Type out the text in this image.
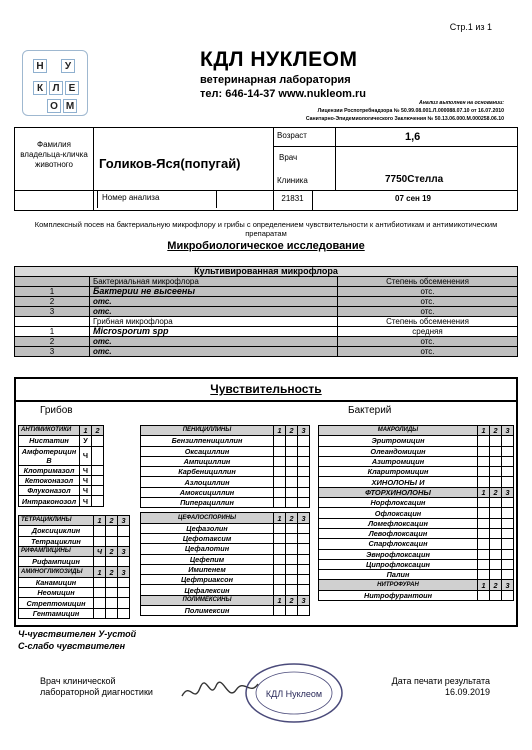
Стр.1 из 1
Н	У
К Л Е
О М
КДЛ НУКЛЕОМ
ветеринарная лаборатория
тел: 646-14-37 www.nukleom.ru
Анализ выполнен на основании:
Лицензии Роспотребнадзора № 50.99.08.001.Л.000088.07.10 от 16.07.2010
Санитарно-Эпидемиологического Заключения № 50.13.06.000.М.000258.06.10
Фамилия владельца-кличка животного	Голиков-Яся(попугай)
Возраст	1,6
Врач
Клиника	7750Стелла
Номер анализа	21831	07 сен 19
Комплексный посев на бактериальную микрофлору и грибы с определением чувствительности к антибиотикам и антимикотическим препаратам
Микробиологическое исследование
Культивированная микрофлора		
	Бактериальная микрофлора	Степень обсеменения
1	Бактерии не высеены	отс.
2	отс.	отс.
3	отс.	отс.
	Грибная микрофлора	Степень обсеменения
1	Microsporum spp	средняя
2	отс.	отс.
3	отс.	отс.
Чувствительность
Грибов	Бактерий
АНТИМИКОТИКИ	1	2
Нистатин	У	
Амфотерицин В	Ч	
Клотримазол	Ч	
Кетоконазол	Ч	
Флуконазол	Ч	
Интраконозол	Ч	
ТЕТРАЦИКЛИНЫ	1	2	3
Доксициклин			
Тетрациклин			
РИФАМПИЦИНЫ	Ч	2	3
Рифампицин			
АМИНОГЛИКОЗИДЫ	1	2	3
Канамицин			
Неомицин			
Стрептомицин			
Гентамицин			
ПЕНИЦИЛЛИНЫ	1	2	3
Бензилпенициллин			
Оксациллин			
Ампициллин			
Карбенициллин			
Азлоциллин			
Амоксициллин			
Пиперациллин			

ЦЕФАЛОСПОРИНЫ	1	2	3
Цефазолин			
Цефотаксим			
Цефалотин			
Цефепим			
Имипенем			
Цефтриаксон			
Цефалексин			
ПОЛИМЕКСИНЫ	1	2	3
Полимексин			
МАКРОЛИДЫ	1	2	3
Эритромицин			
Олеандомицин			
Азитромицин			
Кларитромицин			
ХИНОЛОНЫ И			
ФТОРХИНОЛОНЫ	1	2	3
Норфлоксацин			
Офлоксацин			
Ломефлоксацин			
Левофлоксацин			
Спарфлоксацин			
Эвнрофлоксацин			
Ципрофлоксацин			
Палин			
НИТРОФУРАН	1	2	3
Нитрофурантоин			
Ч-чувствителен У-устой
С-слабо чувствителен
Врач клинической
лабораторной диагностики	КДЛ Нуклеом
Дата печати результата
16.09.2019
